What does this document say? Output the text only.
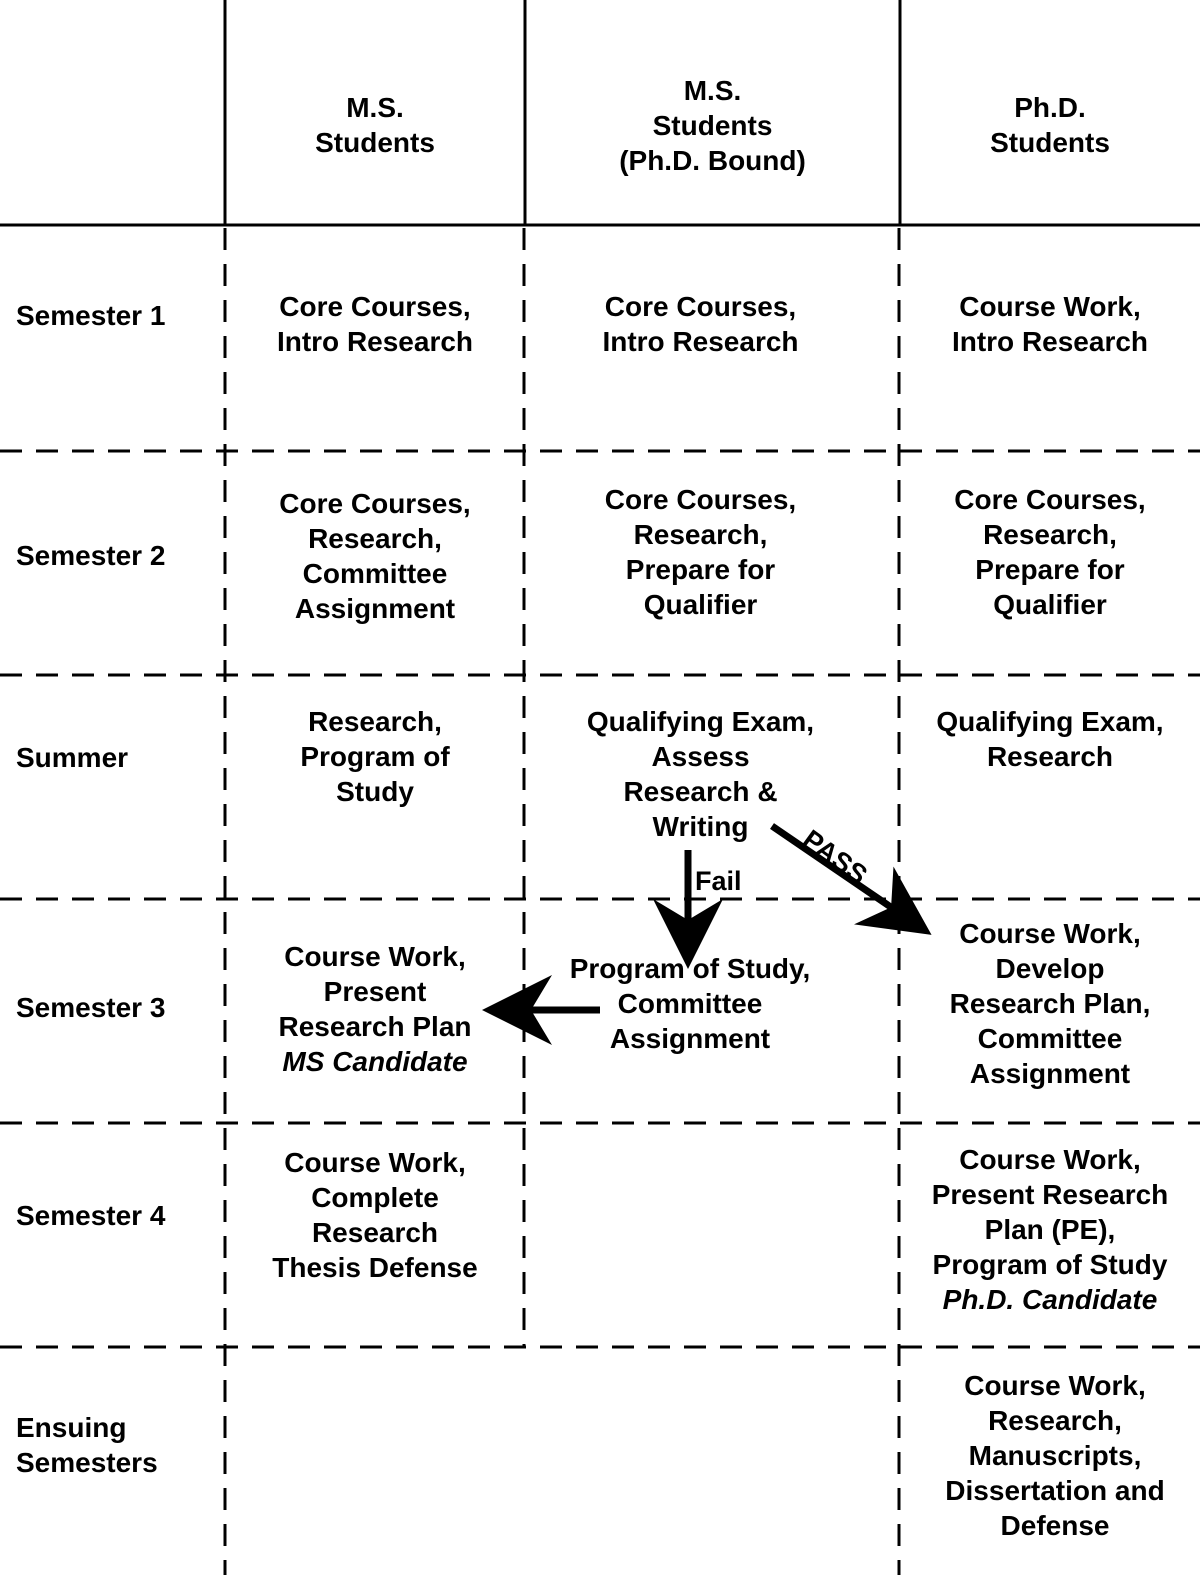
M.S.
Students
M.S.
Students
(Ph.D. Bound)
Ph.D.
Students
Semester 1
Semester 2
Summer
Semester 3
Semester 4
Ensuing
Semesters
Core Courses,
Intro Research
Core Courses,
Intro Research
Course Work,
Intro Research
Core Courses,
Research,
Committee
Assignment
Core Courses,
Research,
Prepare for
Qualifier
Core Courses,
Research,
Prepare for
Qualifier
Research,
Program of
Study
Qualifying Exam,
Assess
Research &
Writing
Qualifying Exam,
Research
Fail PASS
Course Work,
Present
Research Plan
MS Candidate
Program of Study,
Committee
Assignment
Course Work,
Develop
Research Plan,
Committee
Assignment
Course Work,
Complete
Research
Thesis Defense
Course Work,
Present Research
Plan (PE),
Program of Study
Ph.D. Candidate
Course Work,
Research,
Manuscripts,
Dissertation and
Defense
